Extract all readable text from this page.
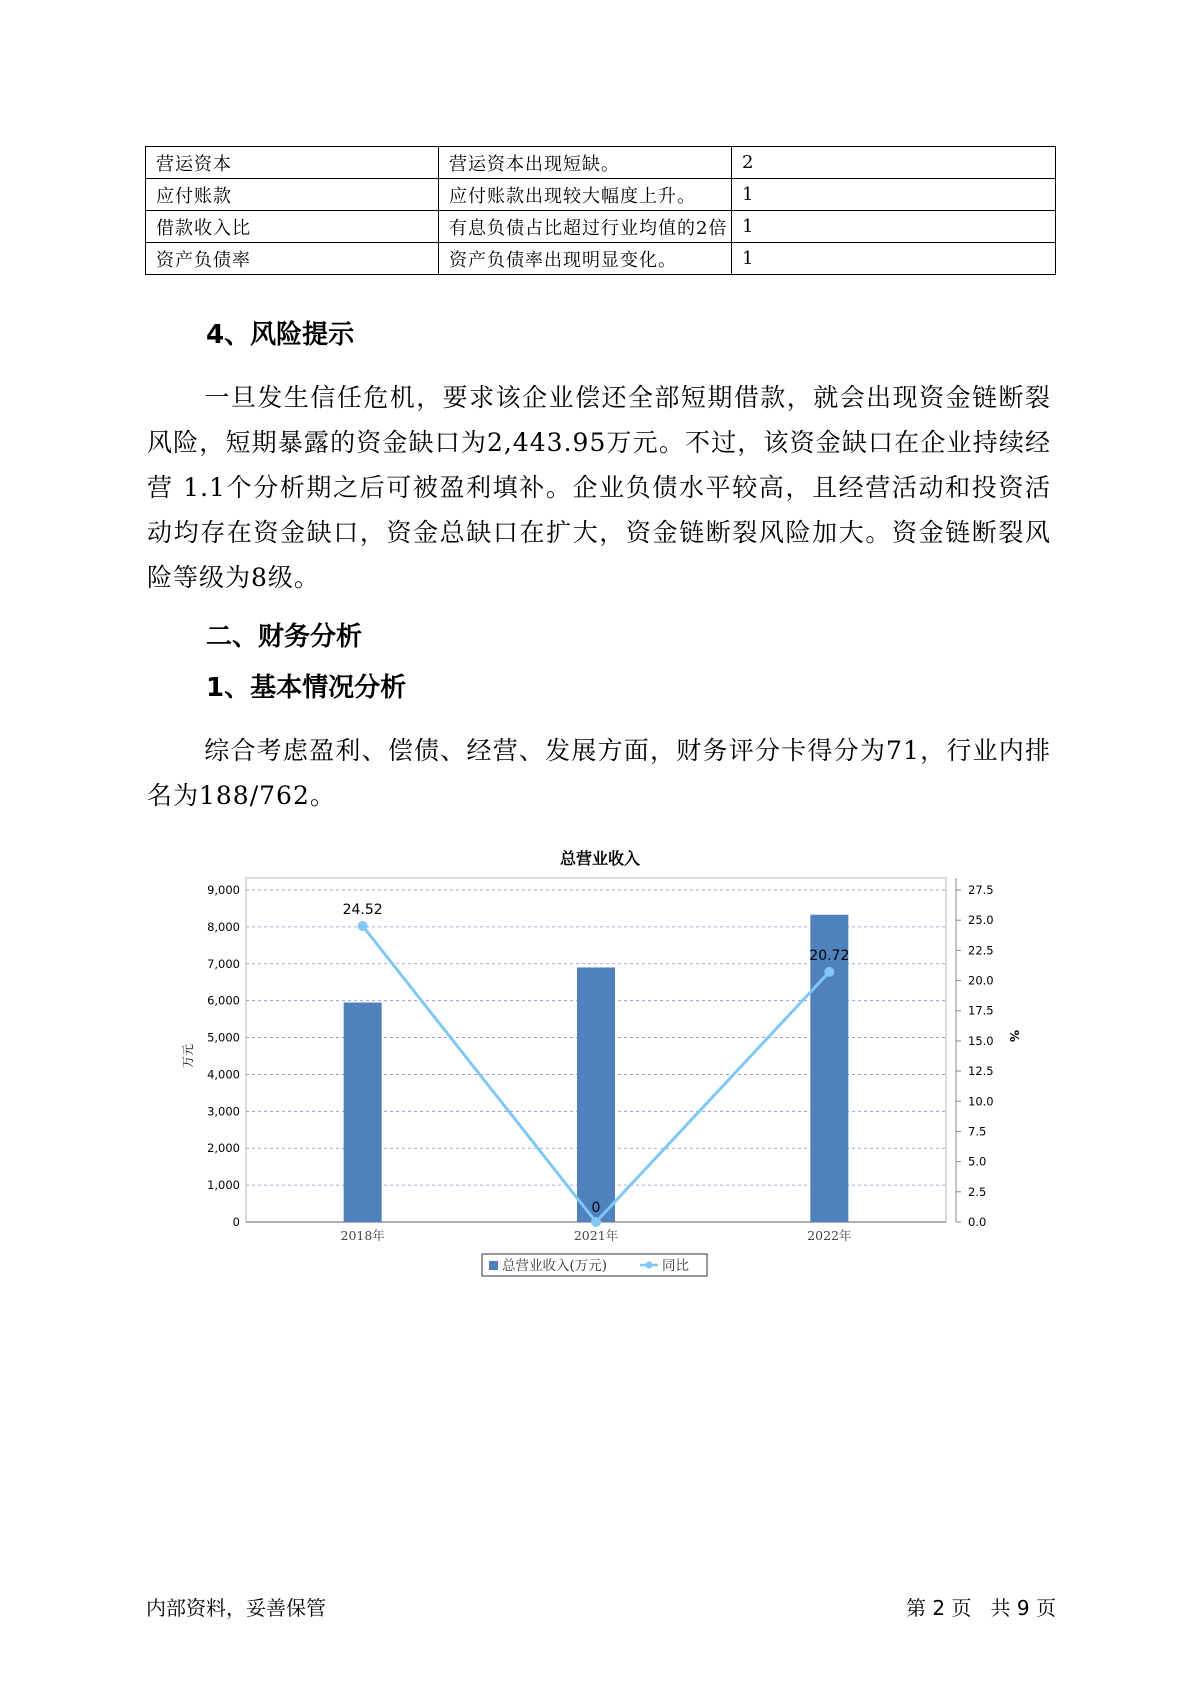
营运资本	营运资本出现短缺。	2
应付账款	应付账款出现较大幅度上升。	1
借款收入比	有息负债占比超过行业均值的2倍	1
资产负债率	资产负债率出现明显变化。	1
4、风险提示

一旦发生信任危机，要求该企业偿还全部短期借款，就会出现资金链断裂风险，短期暴露的资金缺口为2,443.95万元。不过，该资金缺口在企业持续经营 1.1个分析期之后可被盈利填补。企业负债水平较高，且经营活动和投资活动均存在资金缺口，资金总缺口在扩大，资金链断裂风险加大。资金链断裂风险等级为8级。

二、财务分析
1、基本情况分析

综合考虑盈利、偿债、经营、发展方面，财务评分卡得分为71，行业内排名为188/762。

总营业收入
0
1,000
2,000
3,000
4,000
5,000
6,000
7,000
8,000
9,000
0.0
2.5
5.0
7.5
10.0
12.5
15.0
17.5
20.0
22.5
25.0
27.5
万元
%
2018年	2021年	2022年
24.52
0
20.72
总营业收入(万元)	同比
内部资料，妥善保管	第 2 页   共 9 页
